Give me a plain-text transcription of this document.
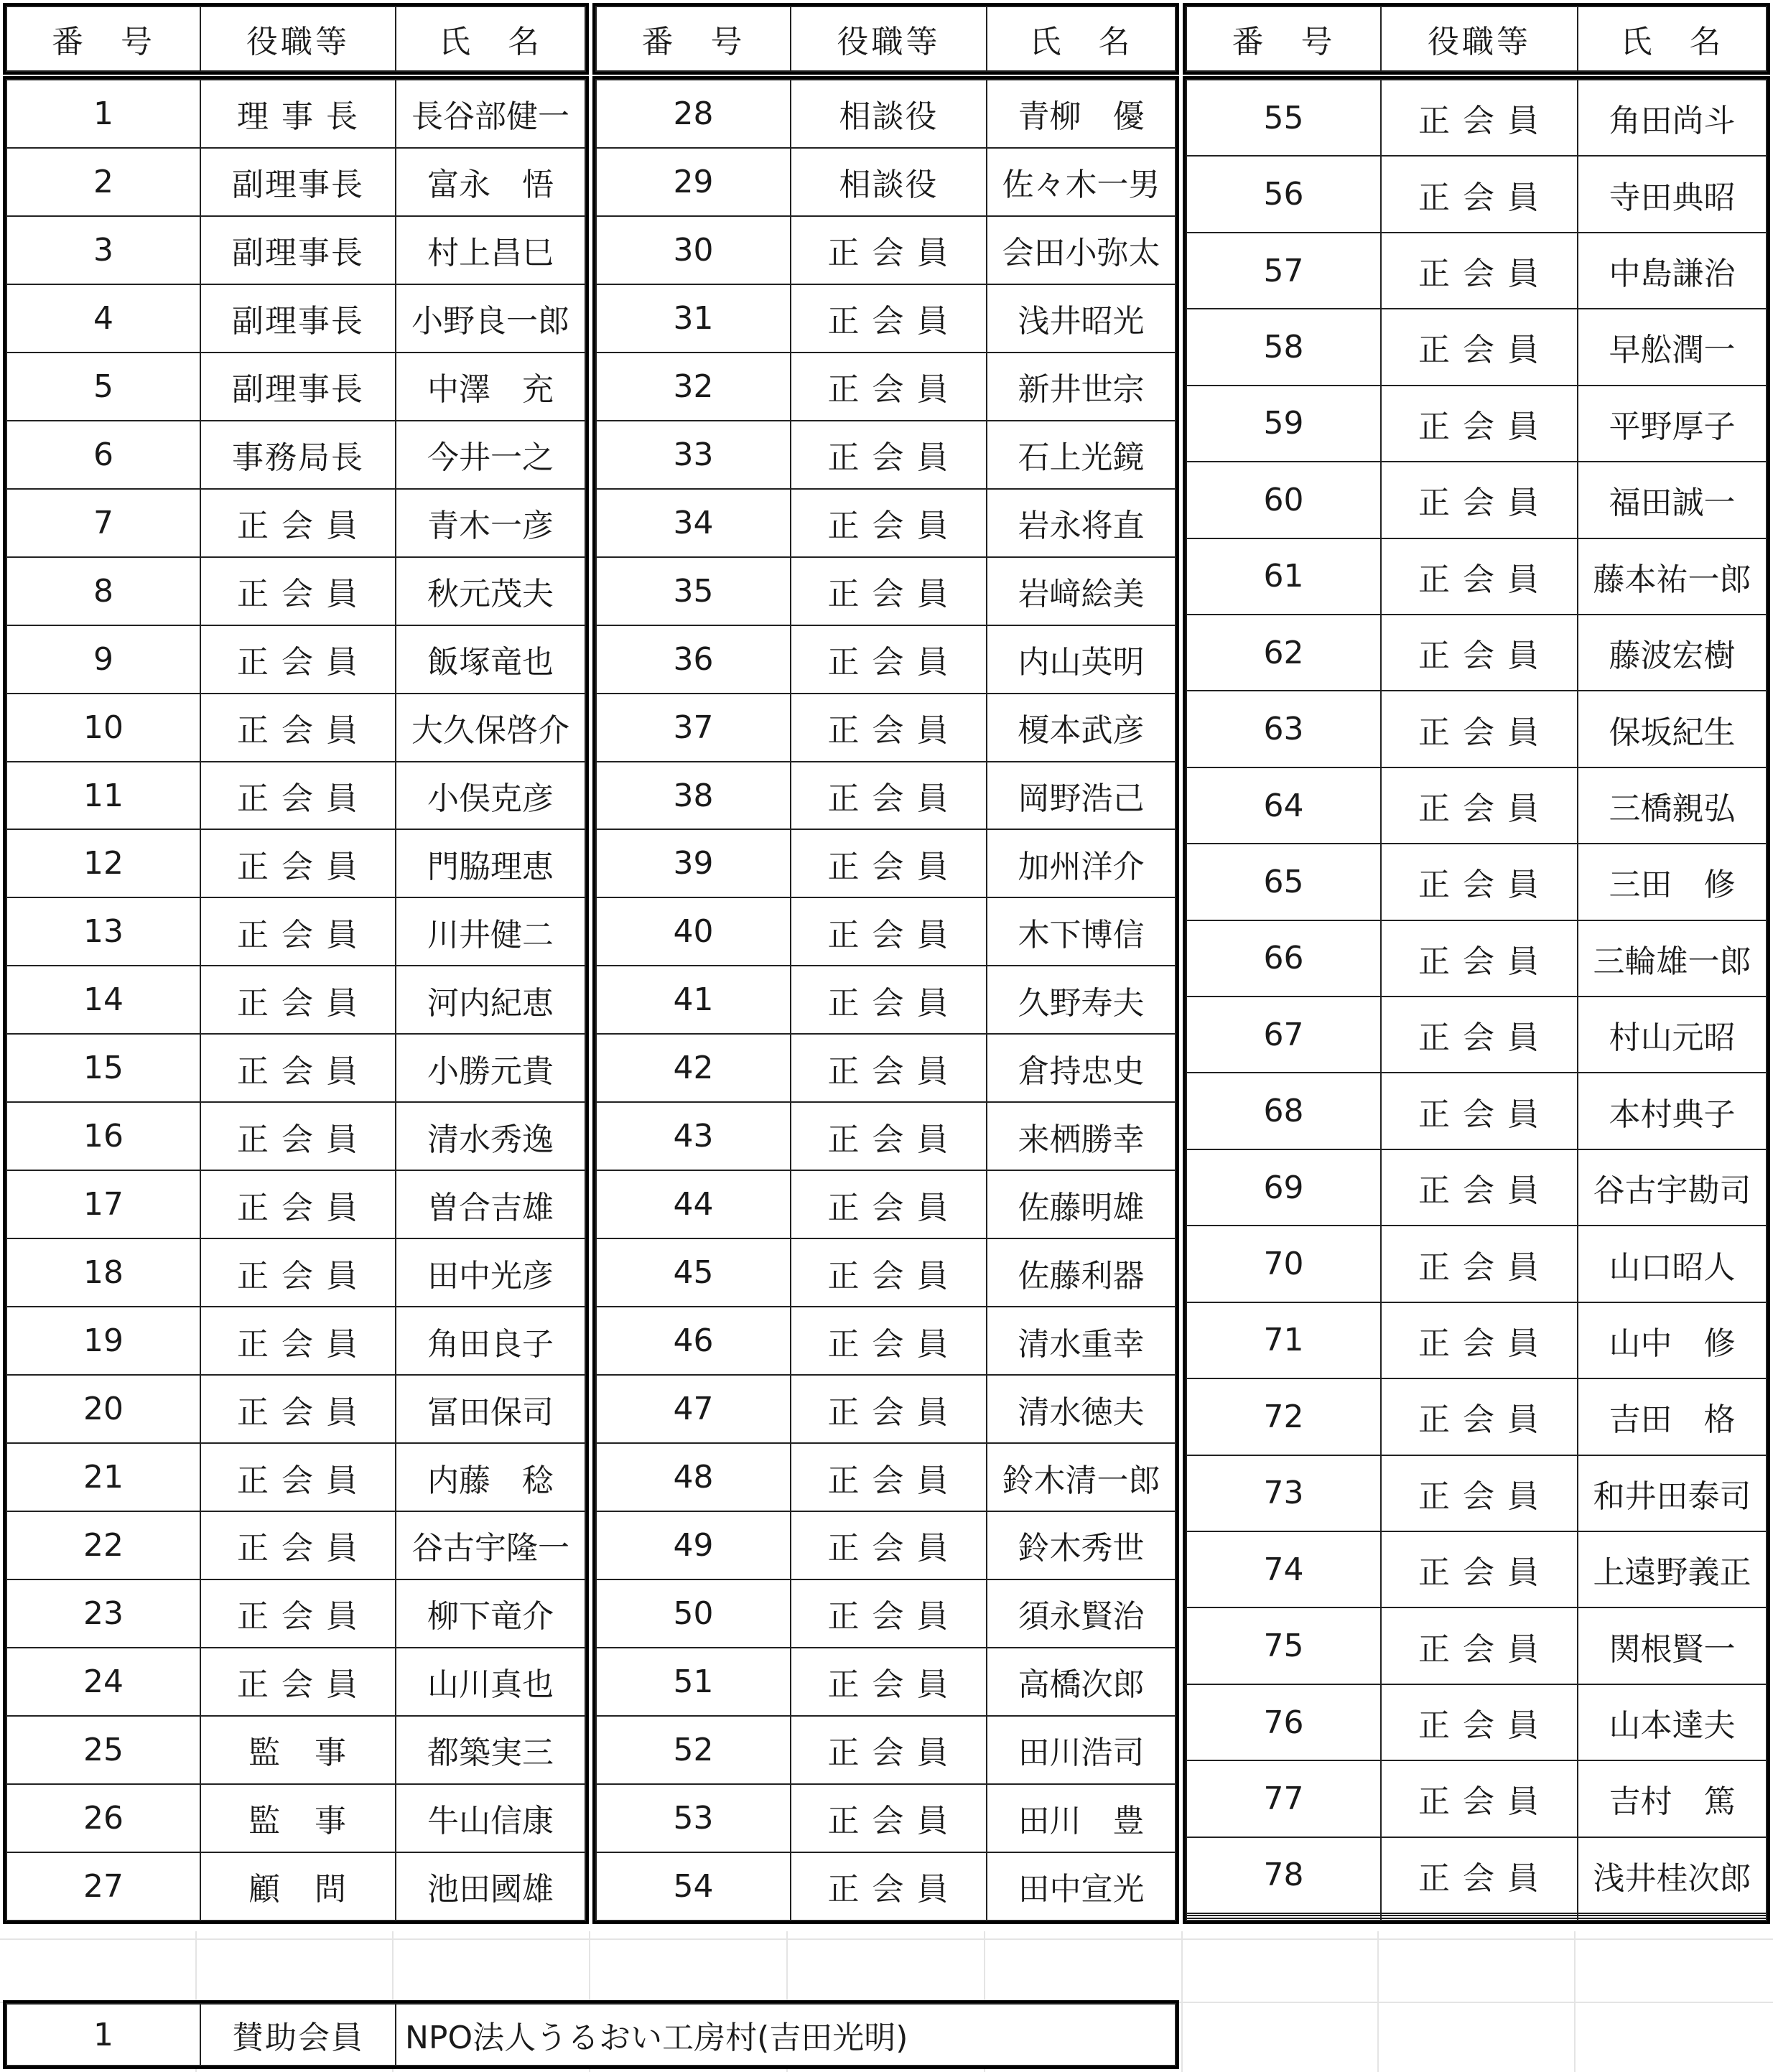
番　号	役職等	氏　名	番　号	役職等	氏　名	番　号	役職等	氏　名
1	理 事 長	長谷部健一
2	副理事長	富永　悟
3	副理事長	村上昌巳
4	副理事長	小野良一郎
5	副理事長	中澤　充
6	事務局長	今井一之
7	正 会 員	青木一彦
8	正 会 員	秋元茂夫
9	正 会 員	飯塚竜也
10	正 会 員	大久保啓介
11	正 会 員	小俣克彦
12	正 会 員	門脇理恵
13	正 会 員	川井健二
14	正 会 員	河内紀恵
15	正 会 員	小勝元貴
16	正 会 員	清水秀逸
17	正 会 員	曽合吉雄
18	正 会 員	田中光彦
19	正 会 員	角田良子
20	正 会 員	冨田保司
21	正 会 員	内藤　稔
22	正 会 員	谷古宇隆一
23	正 会 員	柳下竜介
24	正 会 員	山川真也
25	監　事	都築実三
26	監　事	牛山信康
27	顧　問	池田國雄
28	相談役	青柳　優
29	相談役	佐々木一男
30	正 会 員	会田小弥太
31	正 会 員	浅井昭光
32	正 会 員	新井世宗
33	正 会 員	石上光鏡
34	正 会 員	岩永将直
35	正 会 員	岩﨑絵美
36	正 会 員	内山英明
37	正 会 員	榎本武彦
38	正 会 員	岡野浩己
39	正 会 員	加州洋介
40	正 会 員	木下博信
41	正 会 員	久野寿夫
42	正 会 員	倉持忠史
43	正 会 員	来栖勝幸
44	正 会 員	佐藤明雄
45	正 会 員	佐藤利器
46	正 会 員	清水重幸
47	正 会 員	清水徳夫
48	正 会 員	鈴木清一郎
49	正 会 員	鈴木秀世
50	正 会 員	須永賢治
51	正 会 員	高橋次郎
52	正 会 員	田川浩司
53	正 会 員	田川　豊
54	正 会 員	田中宣光
55	正 会 員	角田尚斗
56	正 会 員	寺田典昭
57	正 会 員	中島謙治
58	正 会 員	早舩潤一
59	正 会 員	平野厚子
60	正 会 員	福田誠一
61	正 会 員	藤本祐一郎
62	正 会 員	藤波宏樹
63	正 会 員	保坂紀生
64	正 会 員	三橋親弘
65	正 会 員	三田　修
66	正 会 員	三輪雄一郎
67	正 会 員	村山元昭
68	正 会 員	本村典子
69	正 会 員	谷古宇勘司
70	正 会 員	山口昭人
71	正 会 員	山中　修
72	正 会 員	吉田　格
73	正 会 員	和井田泰司
74	正 会 員	上遠野義正
75	正 会 員	関根賢一
76	正 会 員	山本達夫
77	正 会 員	吉村　篤
78	正 会 員	浅井桂次郎

1	賛助会員	NPO法人うるおい工房村(吉田光明)
